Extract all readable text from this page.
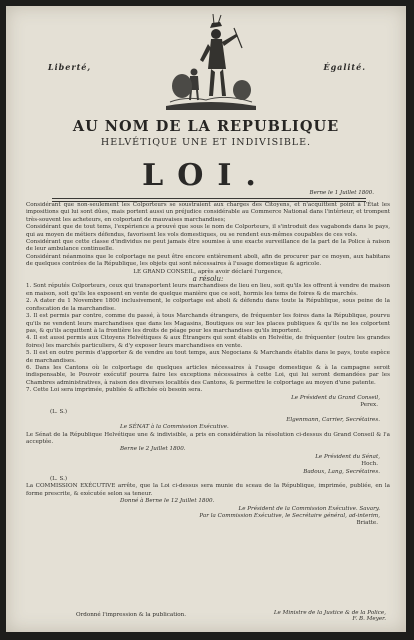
Liberté,	Égalité.
AU NOM DE LA REPUBLIQUE
HELVÉTIQUE UNE ET INDIVISIBLE.
LOI.	Berne le 1 Juillet 1800.

Considérant que non-seulement les Colporteurs se soustraient aux charges des Citoyens, et n'acquittent point à l'État les impositions qui lui sont dûes, mais portent aussi un préjudice considérable au Commerce National dans l'intérieur, et trompent très-souvent les acheteurs, en colportant de mauvaises marchandises;

Considérant que de tout tems, l'expérience a prouvé que sous le nom de Colporteurs, il s'introduit des vagabonds dans le pays, qui au moyen de métiers défendus, favorisent les vols domestiques, ou se rendent eux-mêmes coupables de ces vols.

Considérant que cette classe d'individus ne peut jamais être soumise à une exacte surveillance de la part de la Police à raison de leur ambulance continuelle.

Considérant néanmoins que le colportage ne peut être encore entièrement aboli, afin de procurer par ce moyen, aux habitans de quelques contrées de la République, les objets qui sont nécessaires à l'usage domestique & agricole.

LE GRAND CONSEIL, après avoir déclaré l'urgence,

a résolu:

1. Sont réputés Colporteurs, ceux qui transportent leurs marchandises de lieu en lieu, soit qu'ils les offrent à vendre de maison en maison, soit qu'ils les exposent en vente de quelque manière que ce soit, hormis les tems de foires & de marchés.

2. A dater du 1 Novembre 1800 inclusivement, le colportage est aboli & défendu dans toute la République, sous peine de la confiscation de la marchandise.

3. Il est permis par contre, comme du passé, à tous Marchands étrangers, de fréquenter les foires dans la République, pourvu qu'ils ne vendent leurs marchandises que dans les Magasins, Boutiques ou sur les places publiques & qu'ils ne les colportent pas, & qu'ils acquittent à la frontière les droits de péage pour les marchandises qu'ils importent.

4. Il est aussi permis aux Citoyens Helvétiques & aux Étrangers qui sont établis en Helvétie, de fréquenter (outre les grandes foires) les marchés particuliers, & d'y exposer leurs marchandises en vente.

5. Il est en outre permis d'apporter & de vendre au tout temps, aux Negocians & Marchands établis dans le pays, toute espèce de marchandises.

6. Dans les Cantons où le colportage de quelques articles nécessaires à l'usage domestique & à la campagne seroit indispensable, le Pouvoir exécutif pourra faire les exceptions nécessaires à cette Loi, qui lui seront demandées par les Chambres administratives, à raison des diverses localités des Cantons, & permettre le colportage au moyen d'une patente.

7. Cette Loi sera imprimée, publiée & affichée où besoin sera.

Le Président du Grand Conseil,

Perex.

(L. S.)

Elgenmann, Carrier, Secrétaires.

Le SÉNAT à la Commission Exécutive.

Le Sénat de la République Helvétique une & indivisible, a pris en considération la résolution ci-dessus du Grand Conseil & l'a acceptée.

Berne le 2 Juillet 1800.

Le Président du Sénat,

Hoch.

Badoux, Lang, Secrétaires.

(L. S.)

La COMMISSION EXÉCUTIVE arrête, que la Loi ci-dessus sera munie du sceau de la République, imprimée, publiée, en la forme prescrite, & exécutée selon sa teneur.

Donné à Berne le 12 Juillet 1800.

Le Président de la Commission Exécutive. Savary.

Par la Commission Exécutive, le Secrétaire général, ad-interim,

Briatte.

Ordonné l'impression & la publication.	Le Ministre de la Justice & de la Police,
F. B. Meyer.
